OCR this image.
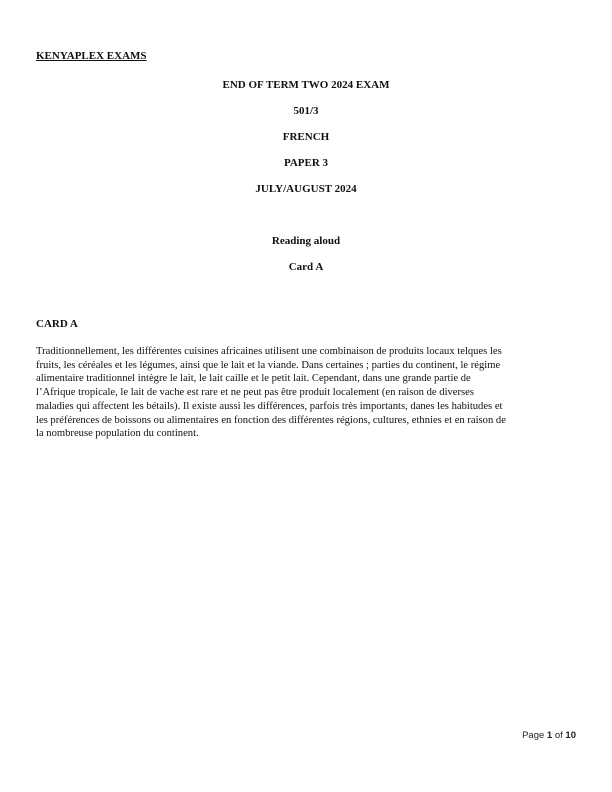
KENYAPLEX EXAMS
END OF TERM TWO 2024 EXAM
501/3
FRENCH
PAPER 3
JULY/AUGUST 2024
Reading aloud
Card A
CARD A
Traditionnellement, les différentes cuisines africaines utilisent une combinaison de produits locaux telques les
fruits, les céréales et les légumes, ainsi que le lait et la viande. Dans certaines ; parties du continent, le régime
alimentaire traditionnel intègre le lait, le lait caille et le petit lait. Cependant, dans une grande partie de
l’Afrique tropicale, le lait de vache est rare et ne peut pas être produit localement (en raison de diverses
maladies qui affectent les bétails). Il existe aussi les différences, parfois très importants, danes les habitudes et
les préférences de boissons ou alimentaires en fonction des différentes régions, cultures, ethnies et en raison de
la nombreuse population du continent.
Page 1 of 10
